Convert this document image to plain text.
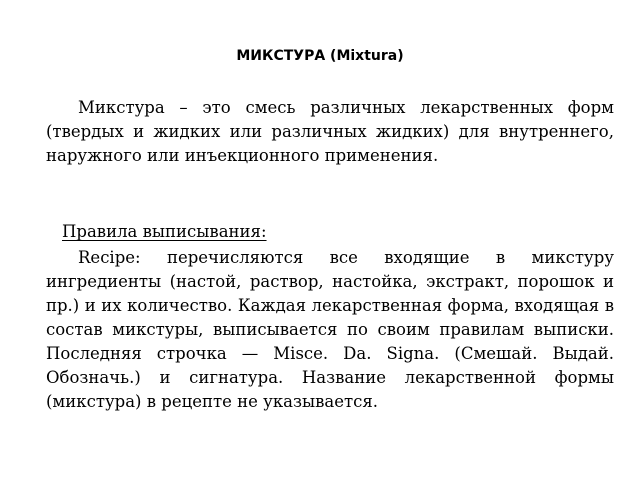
МИКСТУРА (Mixtura)

Микстура – это смесь различных лекарственных форм (твердых и жидких или различных жидких) для внутреннего, наружного или инъекционного применения.

Правила выписывания:

Recipe: перечисляются все входящие в микстуру ингредиенты (настой, раствор, настойка, экстракт, порошок и пр.) и их количество. Каждая лекарственная форма, входящая в состав микстуры, выписывается по своим правилам выписки. Последняя строчка — Misce. Da. Signa. (Смешай. Выдай. Обозначь.) и сигнатура. Название лекарственной формы (микстура) в рецепте не указывается.
